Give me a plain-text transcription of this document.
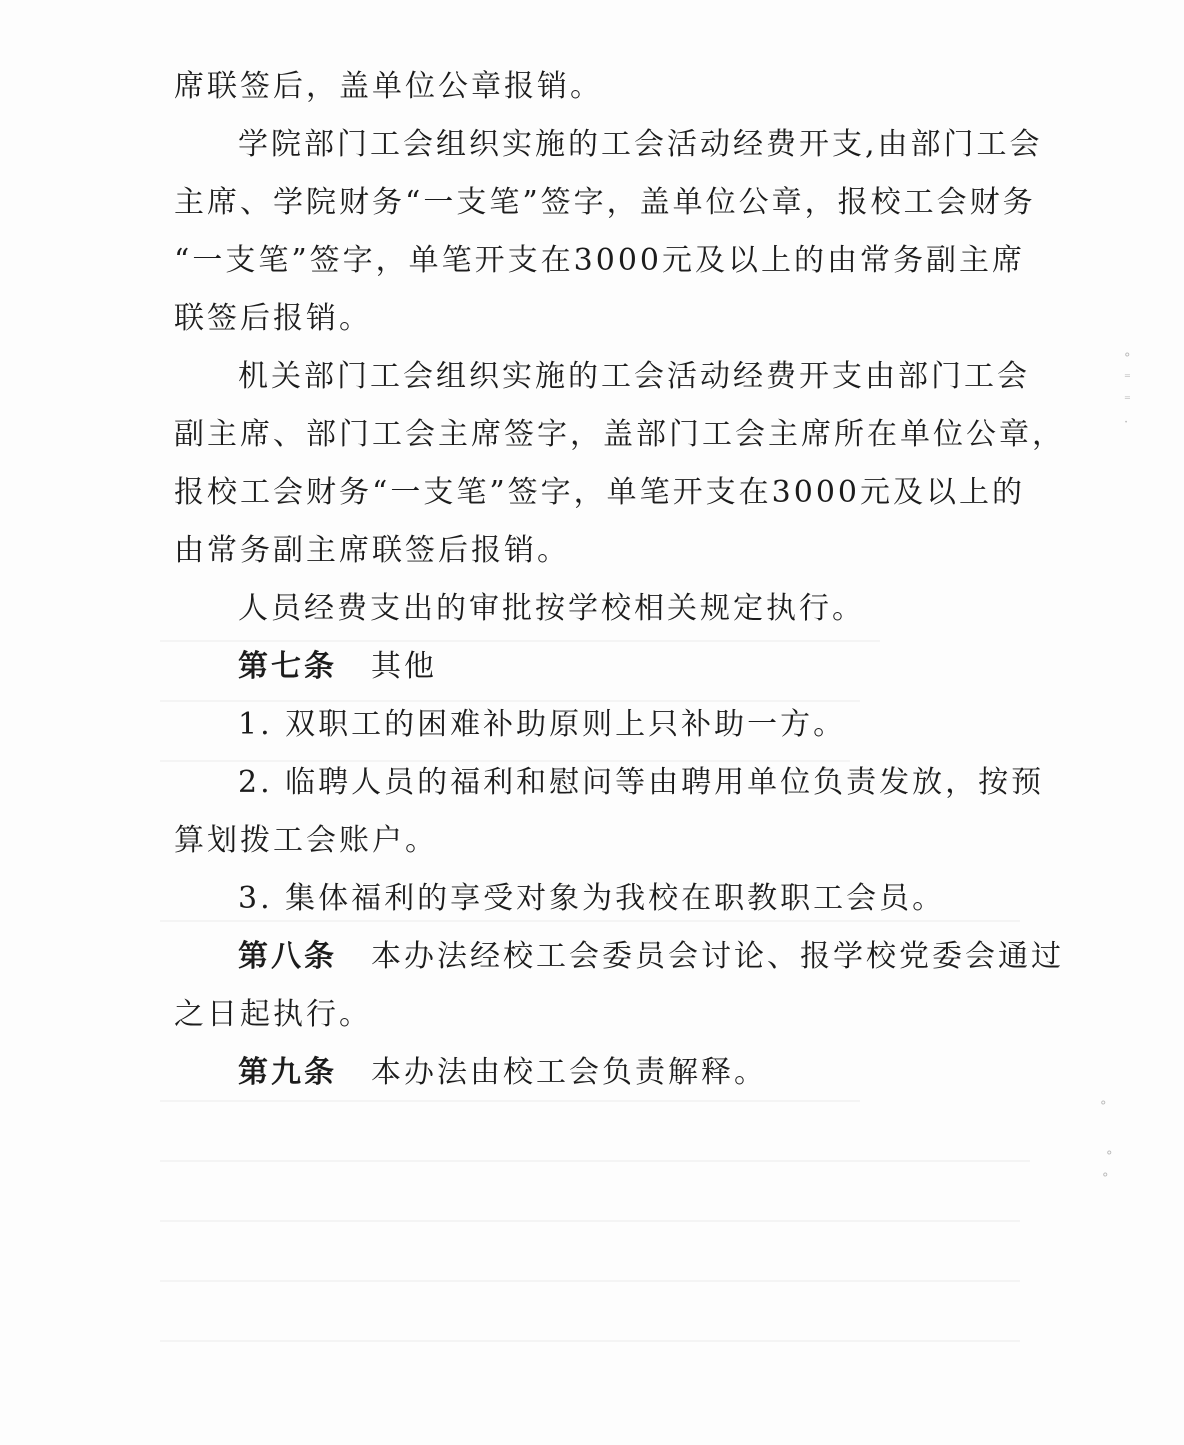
°
⁼
⁼
·
°
°
°
席联签后，盖单位公章报销。
学院部门工会组织实施的工会活动经费开支,由部门工会
主席、学院财务“一支笔”签字，盖单位公章，报校工会财务
“一支笔”签字，单笔开支在3000元及以上的由常务副主席
联签后报销。
机关部门工会组织实施的工会活动经费开支由部门工会
副主席、部门工会主席签字，盖部门工会主席所在单位公章，
报校工会财务“一支笔”签字，单笔开支在3000元及以上的
由常务副主席联签后报销。
人员经费支出的审批按学校相关规定执行。
第七条 其他
1. 双职工的困难补助原则上只补助一方。
2. 临聘人员的福利和慰问等由聘用单位负责发放，按预
算划拨工会账户。
3. 集体福利的享受对象为我校在职教职工会员。
第八条 本办法经校工会委员会讨论、报学校党委会通过
之日起执行。
第九条 本办法由校工会负责解释。
